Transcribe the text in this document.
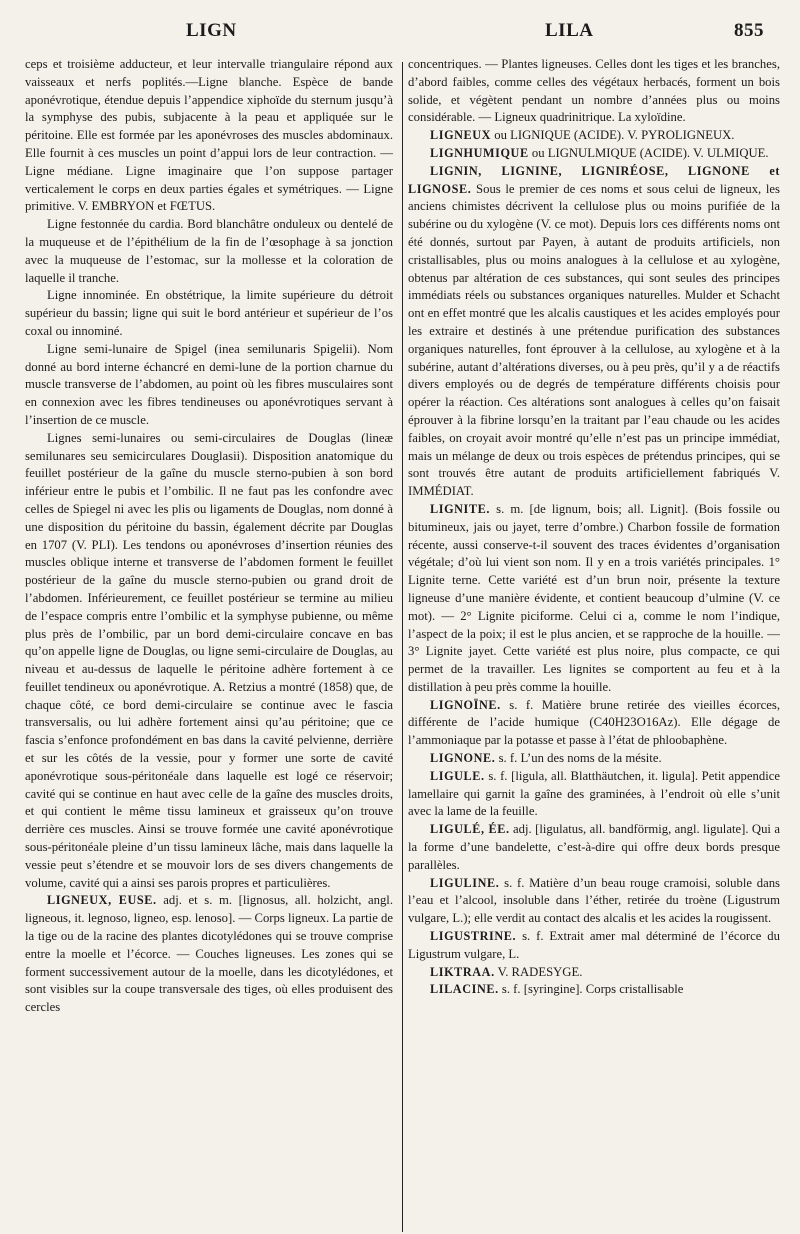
LIGN	LILA	855

ceps et troisième adducteur, et leur intervalle triangulaire répond aux vaisseaux et nerfs poplités.—Ligne blanche. Espèce de bande aponévrotique, étendue depuis l’appendice xiphoïde du sternum jusqu’à la symphyse des pubis, subjacente à la peau et appliquée sur le péritoine. Elle est formée par les aponévroses des muscles abdominaux. Elle fournit à ces muscles un point d’appui lors de leur contraction. — Ligne médiane. Ligne imaginaire que l’on suppose partager verticalement le corps en deux parties égales et symétriques. — Ligne primitive. V. EMBRYON et FŒTUS.

Ligne festonnée du cardia. Bord blanchâtre onduleux ou dentelé de la muqueuse et de l’épithélium de la fin de l’œsophage à sa jonction avec la muqueuse de l’estomac, sur la mollesse et la coloration de laquelle il tranche.

Ligne innominée. En obstétrique, la limite supérieure du détroit supérieur du bassin; ligne qui suit le bord antérieur et supérieur de l’os coxal ou innominé.

Ligne semi-lunaire de Spigel (inea semilunaris Spigelii). Nom donné au bord interne échancré en demi-lune de la portion charnue du muscle transverse de l’abdomen, au point où les fibres musculaires sont en connexion avec les fibres tendineuses ou aponévrotiques servant à l’insertion de ce muscle.

Lignes semi-lunaires ou semi-circulaires de Douglas (lineæ semilunares seu semicirculares Douglasii). Disposition anatomique du feuillet postérieur de la gaîne du muscle sterno-pubien à son bord inférieur entre le pubis et l’ombilic. Il ne faut pas les confondre avec celles de Spiegel ni avec les plis ou ligaments de Douglas, nom donné à une disposition du péritoine du bassin, également décrite par Douglas en 1707 (V. PLI). Les tendons ou aponévroses d’insertion réunies des muscles oblique interne et transverse de l’abdomen forment le feuillet postérieur de la gaîne du muscle sterno-pubien ou grand droit de l’abdomen. Inférieurement, ce feuillet postérieur se termine au milieu de l’espace compris entre l’ombilic et la symphyse pubienne, ou même plus près de l’ombilic, par un bord demi-circulaire concave en bas qu’on appelle ligne de Douglas, ou ligne semi-circulaire de Douglas, au niveau et au-dessus de laquelle le péritoine adhère fortement à ce feuillet tendineux ou aponévrotique. A. Retzius a montré (1858) que, de chaque côté, ce bord demi-circulaire se continue avec le fascia transversalis, ou lui adhère fortement ainsi qu’au péritoine; que ce fascia s’enfonce profondément en bas dans la cavité pelvienne, derrière et sur les côtés de la vessie, pour y former une sorte de cavité aponévrotique sous-péritonéale dans laquelle est logé ce réservoir; cavité qui se continue en haut avec celle de la gaîne des muscles droits, et qui contient le même tissu lamineux et graisseux qu’on trouve derrière ces muscles. Ainsi se trouve formée une cavité aponévrotique sous-péritonéale pleine d’un tissu lamineux lâche, mais dans laquelle la vessie peut s’étendre et se mouvoir lors de ses divers changements de volume, cavité qui a ainsi ses parois propres et particulières.

LIGNEUX, EUSE. adj. et s. m. [lignosus, all. holzicht, angl. ligneous, it. legnoso, ligneo, esp. lenoso]. — Corps ligneux. La partie de la tige ou de la racine des plantes dicotylédones qui se trouve comprise entre la moelle et l’écorce. — Couches ligneuses. Les zones qui se forment successivement autour de la moelle, dans les dicotylédones, et sont visibles sur la coupe transversale des tiges, où elles produisent des cercles

concentriques. — Plantes ligneuses. Celles dont les tiges et les branches, d’abord faibles, comme celles des végétaux herbacés, forment un bois solide, et végètent pendant un nombre d’années plus ou moins considérable. — Ligneux quadrinitrique. La xyloïdine.

LIGNEUX ou LIGNIQUE (ACIDE). V. PYROLIGNEUX.

LIGNHUMIQUE ou LIGNULMIQUE (ACIDE). V. ULMIQUE.

LIGNIN, LIGNINE, LIGNIRÉOSE, LIGNONE et LIGNOSE. Sous le premier de ces noms et sous celui de ligneux, les anciens chimistes décrivent la cellulose plus ou moins purifiée de la subérine ou du xylogène (V. ce mot). Depuis lors ces différents noms ont été donnés, surtout par Payen, à autant de produits artificiels, non cristallisables, plus ou moins analogues à la cellulose et au xylogène, obtenus par altération de ces substances, qui sont seules des principes immédiats réels ou substances organiques naturelles. Mulder et Schacht ont en effet montré que les alcalis caustiques et les acides employés pour les extraire et destinés à une prétendue purification des substances organiques naturelles, font éprouver à la cellulose, au xylogène et à la subérine, autant d’altérations diverses, ou à peu près, qu’il y a de réactifs divers employés ou de degrés de température différents choisis pour opérer la réaction. Ces altérations sont analogues à celles qu’on faisait éprouver à la fibrine lorsqu’en la traitant par l’eau chaude ou les acides faibles, on croyait avoir montré qu’elle n’est pas un principe immédiat, mais un mélange de deux ou trois espèces de prétendus principes, qui se sont trouvés être autant de produits artificiellement fabriqués V. IMMÉDIAT.

LIGNITE. s. m. [de lignum, bois; all. Lignit]. (Bois fossile ou bitumineux, jais ou jayet, terre d’ombre.) Charbon fossile de formation récente, aussi conserve-t-il souvent des traces évidentes d’organisation végétale; d’où lui vient son nom. Il y en a trois variétés principales. 1° Lignite terne. Cette variété est d’un brun noir, présente la texture ligneuse d’une manière évidente, et contient beaucoup d’ulmine (V. ce mot). — 2° Lignite piciforme. Celui ci a, comme le nom l’indique, l’aspect de la poix; il est le plus ancien, et se rapproche de la houille. — 3° Lignite jayet. Cette variété est plus noire, plus compacte, ce qui permet de la travailler. Les lignites se comportent au feu et à la distillation à peu près comme la houille.

LIGNOÏNE. s. f. Matière brune retirée des vieilles écorces, différente de l’acide humique (C40H23O16Az). Elle dégage de l’ammoniaque par la potasse et passe à l’état de phloobaphène.

LIGNONE. s. f. L’un des noms de la mésite.

LIGULE. s. f. [ligula, all. Blatthäutchen, it. ligula]. Petit appendice lamellaire qui garnit la gaîne des graminées, à l’endroit où elle s’unit avec la lame de la feuille.

LIGULÉ, ÉE. adj. [ligulatus, all. bandförmig, angl. ligulate]. Qui a la forme d’une bandelette, c’est-à-dire qui offre deux bords presque parallèles.

LIGULINE. s. f. Matière d’un beau rouge cramoisi, soluble dans l’eau et l’alcool, insoluble dans l’éther, retirée du troène (Ligustrum vulgare, L.); elle verdit au contact des alcalis et les acides la rougissent.

LIGUSTRINE. s. f. Extrait amer mal déterminé de l’écorce du Ligustrum vulgare, L.

LIKTRAA. V. RADESYGE.

LILACINE. s. f. [syringine]. Corps cristallisable
